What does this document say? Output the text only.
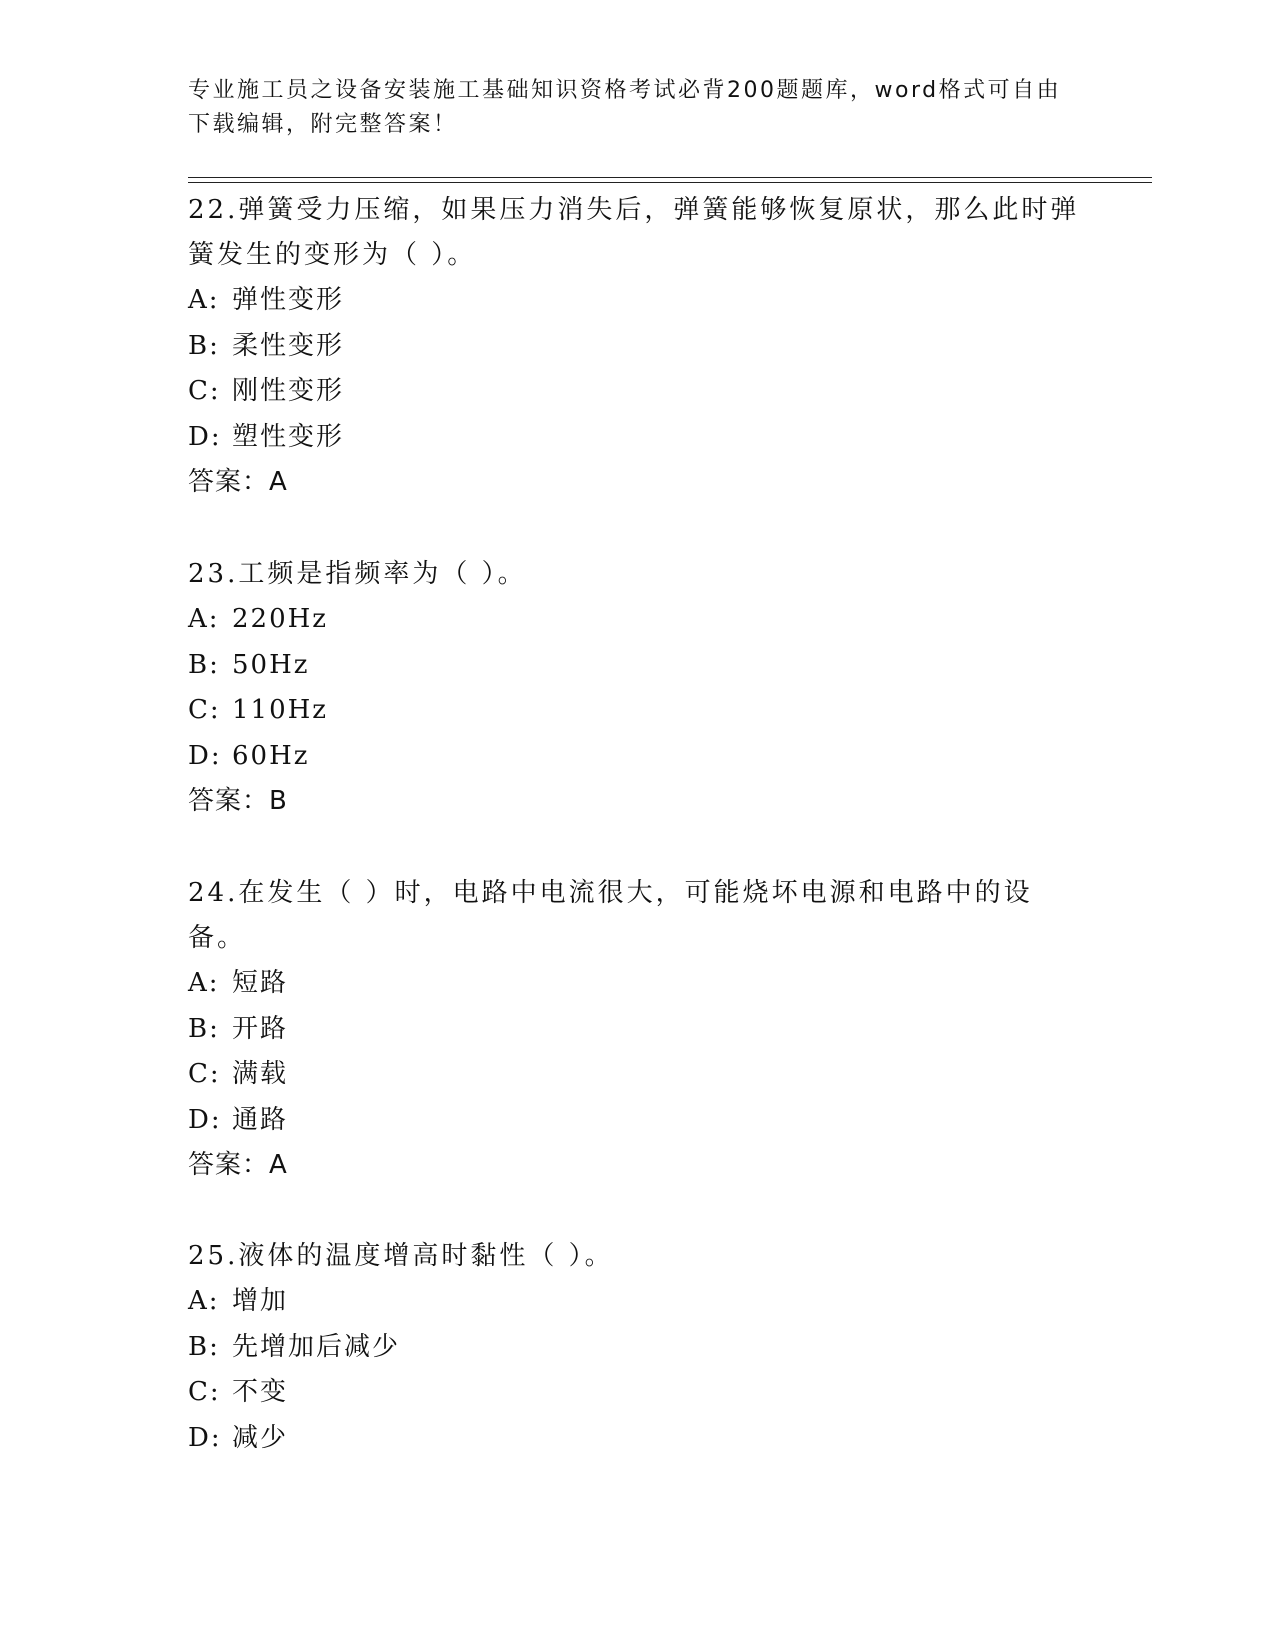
专业施工员之设备安装施工基础知识资格考试必背200题题库，word格式可自由下载编辑，附完整答案！

22.弹簧受力压缩，如果压力消失后，弹簧能够恢复原状，那么此时弹簧发生的变形为（ ）。

A: 弹性变形

B: 柔性变形

C: 刚性变形

D: 塑性变形

答案：A

23.工频是指频率为（ ）。

A: 220Hz

B: 50Hz

C: 110Hz

D: 60Hz

答案：B

24.在发生（ ）时，电路中电流很大，可能烧坏电源和电路中的设备。

A: 短路

B: 开路

C: 满载

D: 通路

答案：A

25.液体的温度增高时黏性（ ）。

A: 增加

B: 先增加后减少

C: 不变

D: 减少
